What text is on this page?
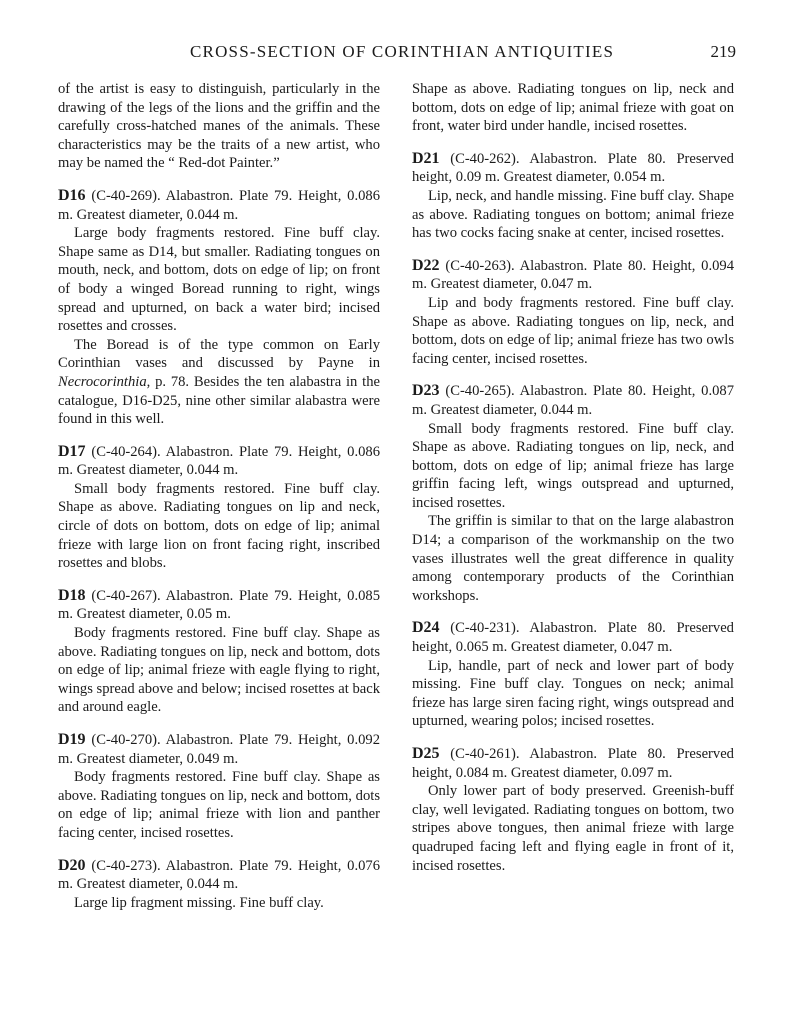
CROSS-SECTION OF CORINTHIAN ANTIQUITIES	219

of the artist is easy to distinguish, particularly in the drawing of the legs of the lions and the griffin and the carefully cross-hatched manes of the animals. These characteristics may be the traits of a new artist, who may be named the “ Red-dot Painter.”

D16 (C-40-269). Alabastron. Plate 79. Height, 0.086 m. Greatest diameter, 0.044 m.

Large body fragments restored. Fine buff clay. Shape same as D14, but smaller. Radiating tongues on mouth, neck, and bottom, dots on edge of lip; on front of body a winged Boread running to right, wings spread and upturned, on back a water bird; incised rosettes and crosses.

The Boread is of the type common on Early Corinthian vases and discussed by Payne in Necrocorinthia, p. 78. Besides the ten alabastra in the catalogue, D16-D25, nine other similar alabastra were found in this well.

D17 (C-40-264). Alabastron. Plate 79. Height, 0.086 m. Greatest diameter, 0.044 m.

Small body fragments restored. Fine buff clay. Shape as above. Radiating tongues on lip and neck, circle of dots on bottom, dots on edge of lip; animal frieze with large lion on front facing right, inscribed rosettes and blobs.

D18 (C-40-267). Alabastron. Plate 79. Height, 0.085 m. Greatest diameter, 0.05 m.

Body fragments restored. Fine buff clay. Shape as above. Radiating tongues on lip, neck and bottom, dots on edge of lip; animal frieze with eagle flying to right, wings spread above and below; incised rosettes at back and around eagle.

D19 (C-40-270). Alabastron. Plate 79. Height, 0.092 m. Greatest diameter, 0.049 m.

Body fragments restored. Fine buff clay. Shape as above. Radiating tongues on lip, neck and bottom, dots on edge of lip; animal frieze with lion and panther facing center, incised rosettes.

D20 (C-40-273). Alabastron. Plate 79. Height, 0.076 m. Greatest diameter, 0.044 m.

Large lip fragment missing. Fine buff clay.

Shape as above. Radiating tongues on lip, neck and bottom, dots on edge of lip; animal frieze with goat on front, water bird under handle, incised rosettes.

D21 (C-40-262). Alabastron. Plate 80. Preserved height, 0.09 m. Greatest diameter, 0.054 m.

Lip, neck, and handle missing. Fine buff clay. Shape as above. Radiating tongues on bottom; animal frieze has two cocks facing snake at center, incised rosettes.

D22 (C-40-263). Alabastron. Plate 80. Height, 0.094 m. Greatest diameter, 0.047 m.

Lip and body fragments restored. Fine buff clay. Shape as above. Radiating tongues on lip, neck, and bottom, dots on edge of lip; animal frieze has two owls facing center, incised rosettes.

D23 (C-40-265). Alabastron. Plate 80. Height, 0.087 m. Greatest diameter, 0.044 m.

Small body fragments restored. Fine buff clay. Shape as above. Radiating tongues on lip, neck, and bottom, dots on edge of lip; animal frieze has large griffin facing left, wings outspread and upturned, incised rosettes.

The griffin is similar to that on the large alabastron D14; a comparison of the workmanship on the two vases illustrates well the great difference in quality among contemporary products of the Corinthian workshops.

D24 (C-40-231). Alabastron. Plate 80. Preserved height, 0.065 m. Greatest diameter, 0.047 m.

Lip, handle, part of neck and lower part of body missing. Fine buff clay. Tongues on neck; animal frieze has large siren facing right, wings outspread and upturned, wearing polos; incised rosettes.

D25 (C-40-261). Alabastron. Plate 80. Preserved height, 0.084 m. Greatest diameter, 0.097 m.

Only lower part of body preserved. Greenish-buff clay, well levigated. Radiating tongues on bottom, two stripes above tongues, then animal frieze with large quadruped facing left and flying eagle in front of it, incised rosettes.
